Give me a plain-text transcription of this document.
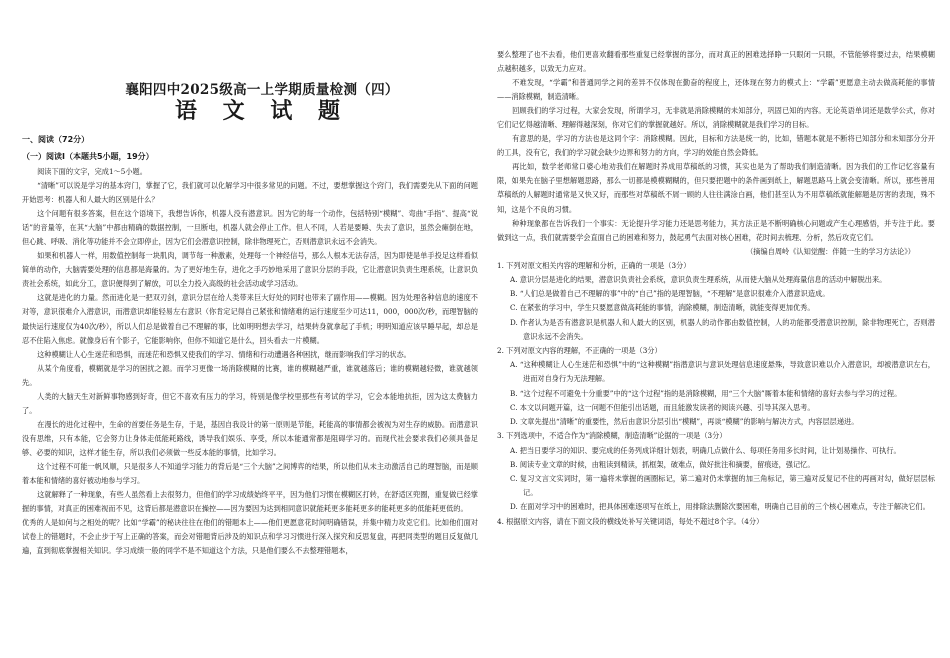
襄阳四中2025级高一上学期质量检测（四）
语 文 试 题
一、阅读（72分）
（一）阅读Ⅰ（本题共5小题，19分）

阅读下面的文字，完成1～5小题。

“清晰”可以说是学习的基本窍门，掌握了它，我们就可以化解学习中很多常见的问题。不过，要想掌握这个窍门，我们需要先从下面的问题开始思考：机器人和人最大的区别是什么？

这个问题有很多答案，但在这个语境下，我想告诉你，机器人没有潜意识。因为它的每一个动作，包括特别“模糊”、弯曲“手指”、提高“说话”的音量等，在其“大脑”中都由精确的数据控制，一旦断电，机器人就会停止工作。但人不同，人若是要睡、失去了意识，虽然会瘫倒在地，但心跳、呼吸、消化等功能并不会立即停止，因为它们会潜意识控制，除非物理死亡，否则潜意识永远不会消失。

如果和机器人一样，用数值控制每一块肌肉，调节每一种激素，处理每一个神经信号，那么人根本无法存活，因为即使是单手投足这样看似简单的动作，大脑需要处理的信息都是海量的。为了更好地生存，进化之手巧妙地采用了意识分层的手段，它让潜意识负责生理系统，让意识负责社会系统，如此分工，意识便得到了解放，可以全力投入高级的社会活动或学习活动。

这就是进化的力量。然而进化是一把双刃剑，意识分层在给人类带来巨大好处的同时也带来了副作用——模糊。因为处理各种信息的速度不对等，意识很难介入潜意识，而潜意识却能轻易左右意识（你肯定记得自己紧张和情绪难的运行速度至少可达11，000，000次/秒，而理智脑的最快运行速度仅为40次/秒），所以人们总是做着自己不理解的事，比如明明想去学习，结果转身就拿起了手机；明明知道应该早睡早起，却总是忍不住陷入焦虑。就像身后有个影子，它能影响你，但你不知道它是什么，回头看去一片模糊。

这种模糊让人心生迷茫和恐惧，而迷茫和恐惧又使我们的学习、情绪和行动遭遇各种困扰，继而影响我们学习的状态。

从某个角度看，模糊就是学习的困扰之源。而学习更像一场消除模糊的比赛，谁的模糊越严重，谁就越落后；谁的模糊越轻微，谁就越领先。

人类的大脑天生对新鲜事物感到好奇，但它不喜欢有压力的学习，特别是像学校里那些有考试的学习，它会本能地抗拒，因为这太费脑力了。

在漫长的进化过程中，生命的首要任务是生存，于是，基因自我设计的第一原则是节能，耗能高的事情都会被视为对生存的威胁。而潜意识没有思维，只有本能，它会努力让身体走低能耗路线，诱导我们娱乐、享受，所以本能通常都是阻碍学习的。而现代社会要求我们必须具备足够、必要的知识，这样才能生存，所以我们必须做一些反本能的事情，比如学习。

这个过程不可能一帆风顺，只是很多人不知道学习能力的背后是“三个大脑”之间博弈的结果，所以他们从未主动激活自己的理智脑，而是顺着本能和情绪的喜好被动地参与学习。

这就解释了一种现象，有些人虽然看上去很努力，但他们的学习成绩始终平平，因为他们习惯在模糊区打转，在舒适区兜圈，重复做已经掌握的事情，对真正的困难视而不见，这背后都是潜意识在操控——因为要因为达到相同意识就能耗更多能耗更多的能耗更多的低能耗更低的。

优秀的人是如何与之相处的呢？比如“学霸”的秘诀往往在他们的错题本上——他们更愿意花时间明确错误，并集中精力攻克它们。比如他们面对试卷上的错题时，不会止步于写上正确的答案，而会对错题背后涉及的知识点和学习习惯进行深入探究和反思复盘，再把同类型的题目反复做几遍，直到彻底掌握相关知识。学习成绩一般的同学不是不知道这个方法，只是他们要么不去整理错题本，

要么整理了也不去看，他们更喜欢翻看那些重复已经掌握的部分，而对真正的困难选择睁一只眼闭一只眼，不管能够将要过去，结果模糊点越积越多，以致无力应对。

不难发现，“学霸”和普通同学之间的差异不仅体现在勤奋的程度上，还体现在努力的模式上：“学霸”更愿意主动去做高耗能的事情——消除模糊，制造清晰。

回顾我们的学习过程，大家会发现，所谓学习，无非就是消除模糊的未知部分，巩固已知的内容。无论英语单词还是数学公式，你对它们记忆得越清晰、理解得越深刻，你对它们的掌握就越好。所以，消除模糊就是我们学习的目标。

有意思的是，学习的方法也是这同个字：消除模糊。因此，目标和方法是统一的，比如，错题本就是不断将已知部分和未知部分分开的工具，没有它，我们的学习就会缺少边界和努力的方向，学习的效能自然会降低。

再比如，数学老师常口婆心地劝我们在解题时养成用草稿纸的习惯，其实也是为了帮助我们制造清晰。因为我们的工作记忆容量有限，如果先在脑子里想解题思路，那么一切都是模模糊糊的，但只要把题中的条件画到纸上，解题思路马上就会变清晰。所以，那些善用草稿纸的人解题时通常是又快又好，而那些对草稿纸不屑一顾的人往往满涂白画，他们甚至认为不用草稿纸就能解题是厉害的表现，殊不知，这是个不良的习惯。

种种现象都在告诉我们一个事实：无论提升学习能力还是思考能力，其方法正是不断明确核心问题或产生心理感悟，并专注于此。要做到这一点，我们就需要学会直面自己的困难和努力，鼓起勇气去面对核心困难，花时间去梳理、分析，然后攻克它们。

（摘编自周岭《认知觉醒：伴随一生的学习方法论》）

1. 下列对原文相关内容的理解和分析，正确的一项是（3分）

A. 意识分层是进化的结果，潜意识负责社会系统，意识负责生理系统，从而使大脑从处理海量信息的活动中解脱出来。

B. “人们总是做着自己不理解的事”中的“自己”指的是理智脑，“不理解”是意识很难介入潜意识造成。

C. 在紧张的学习中，学生只要愿意做高耗能的事情，消除模糊，制造清晰，就能变得更加优秀。

D. 作者认为是否有潜意识是机器人和人最大的区别，机器人的动作都由数值控制，人的功能都受潜意识控制，除非物理死亡，否则潜意识永远不会消失。

2. 下列对原文内容的理解，不正确的一项是（3分）

A. “这种模糊让人心生迷茫和恐惧”中的“这种模糊”指潜意识与意识处理信息速度悬殊，导致意识难以介入潜意识，却被潜意识左右，进而对自身行为无法理解。

B. “这个过程不可避免十分重要”中的“这个过程”指的是消除模糊，用“三个大脑”厮着本能和情绪的喜好去参与学习的过程。

C. 本文以问题开篇，这一问题不但能引出话题，而且能激发读者的阅读兴趣、引导其深入思考。

D. 文章先提出“清晰”的重要性，然后由意识分层引出“模糊”，再谈“模糊”的影响与解决方式，内容层层递进。

3. 下列选项中，不适合作为“消除模糊，制造清晰”论据的一项是（3分）

A. 把当日要学习的知识、要完成的任务列成详细计划表，明确几点做什么、每项任务用多长时间，让计划易操作、可执行。

B. 阅读专业文章的时候，由粗读到精读，抓框架，破难点，做好批注和摘要，留痕迹，强记忆。

C. 复习文言文实词时，第一遍将未掌握的画圈标记，第二遍对仍未掌握的加三角标记，第三遍对反复记不住的再画对勾，做好层层标记。

D. 在面对学习中的困难时，把具体困难逐项写在纸上，用排除法删除次要困难，明确自己目前的三个核心困难点，专注于解决它们。

4. 根据原文内容，请在下面文段的横线处补写关键词语，每处不超过8个字。（4分）
